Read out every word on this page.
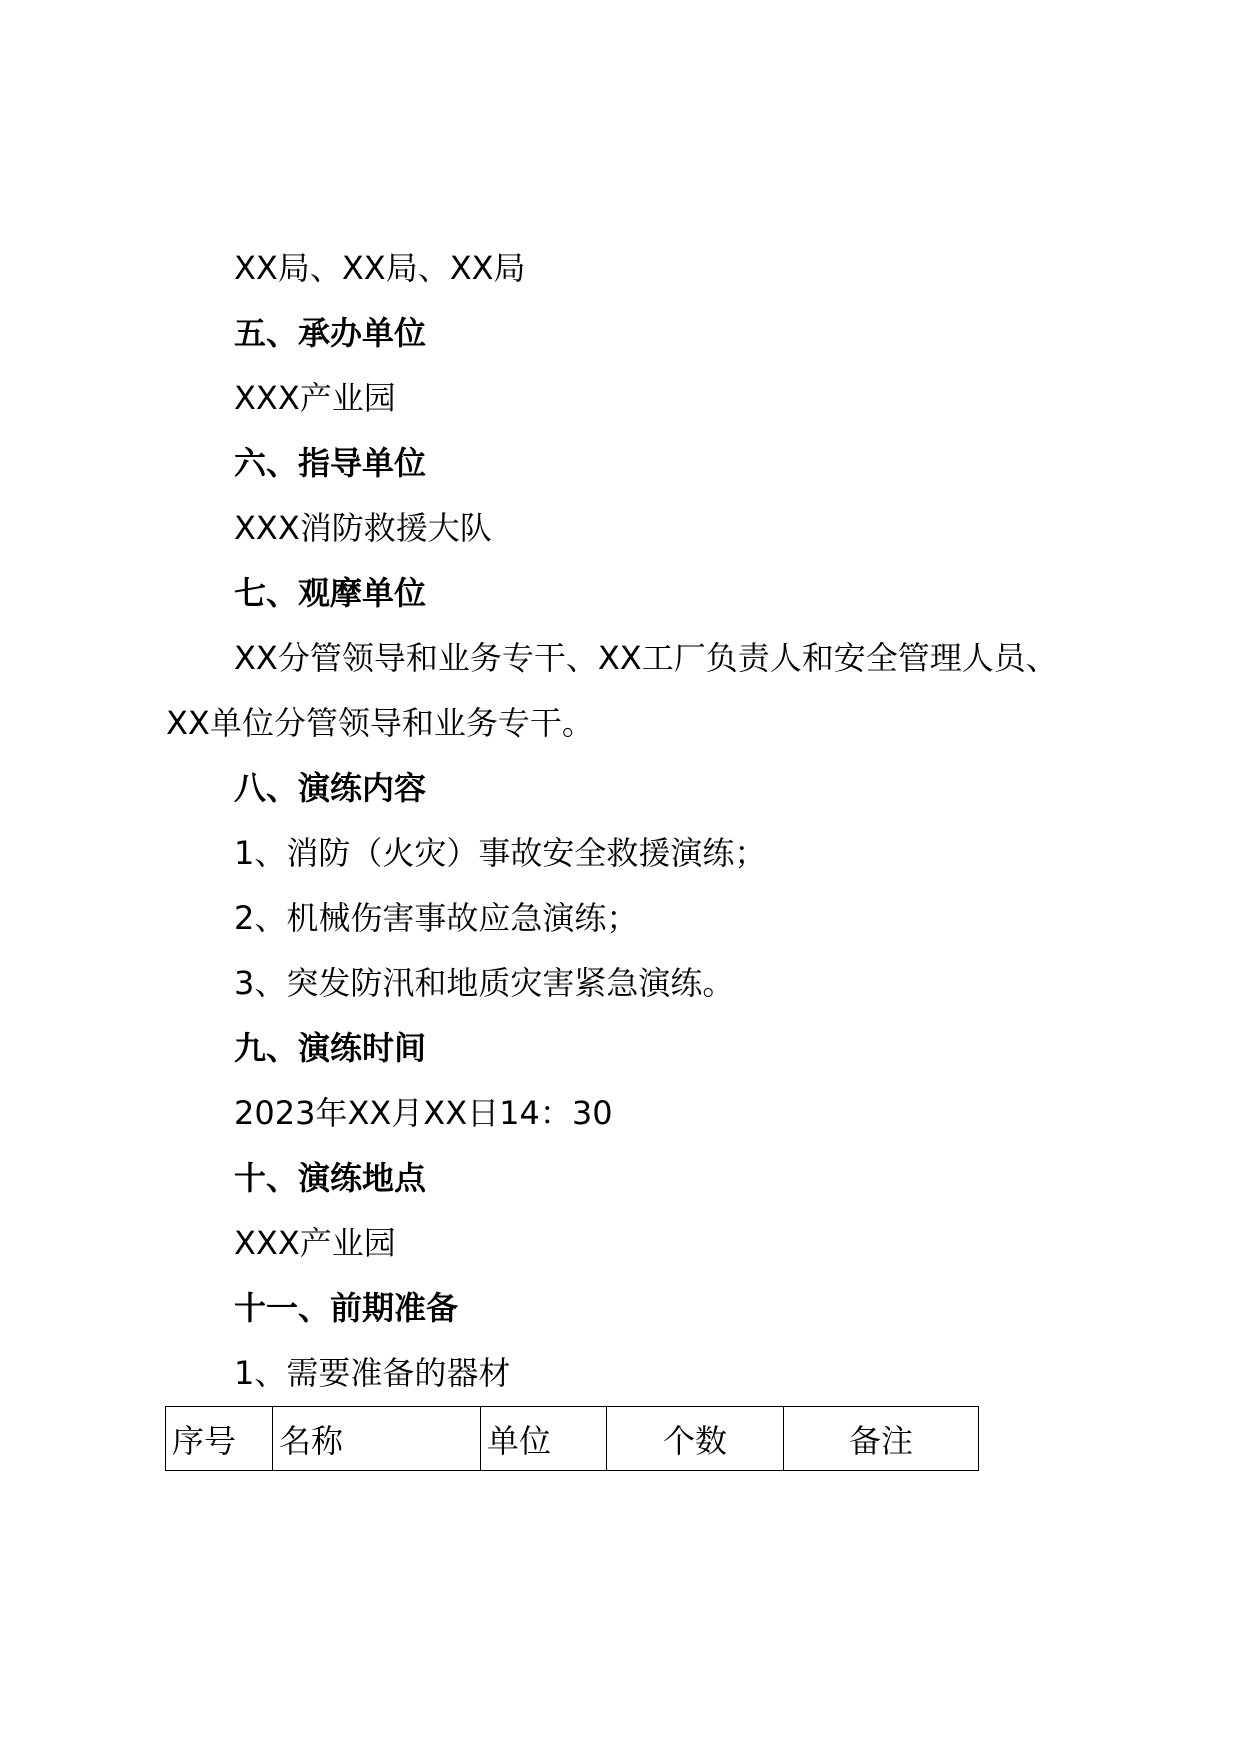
XX局、XX局、XX局
五、承办单位
XXX产业园
六、指导单位
XXX消防救援大队
七、观摩单位
XX分管领导和业务专干、XX工厂负责人和安全管理人员、
XX单位分管领导和业务专干。
八、演练内容
1、消防（火灾）事故安全救援演练；
2、机械伤害事故应急演练；
3、突发防汛和地质灾害紧急演练。
九、演练时间
2023年XX月XX日14：30
十、演练地点
XXX产业园
十一、前期准备
1、需要准备的器材
序号	名称	单位	个数	备注
